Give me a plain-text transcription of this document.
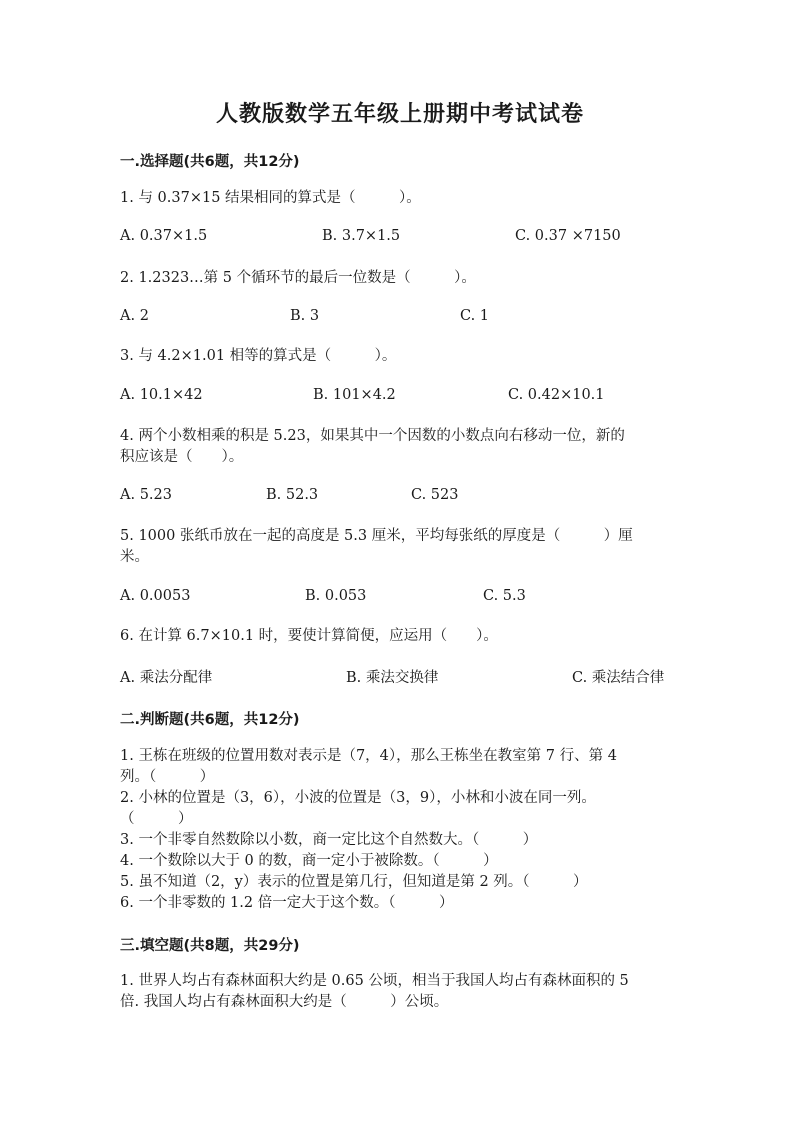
人教版数学五年级上册期中考试试卷
一.选择题(共6题，共12分)
1. 与 0.37×15 结果相同的算式是（　　　）。
A. 0.37×1.5	B. 3.7×1.5	C. 0.37 ×7150
2. 1.2323…第 5 个循环节的最后一位数是（　　　）。
A. 2	B. 3	C. 1
3. 与 4.2×1.01 相等的算式是（　　　）。
A. 10.1×42	B. 101×4.2	C. 0.42×10.1
4. 两个小数相乘的积是 5.23，如果其中一个因数的小数点向右移动一位，新的
积应该是（　　）。
A. 5.23	B. 52.3	C. 523
5. 1000 张纸币放在一起的高度是 5.3 厘米，平均每张纸的厚度是（　　　）厘
米。
A. 0.0053	B. 0.053	C. 5.3
6. 在计算 6.7×10.1 时，要使计算简便，应运用（　　）。
A. 乘法分配律	B. 乘法交换律	C. 乘法结合律
二.判断题(共6题，共12分)
1. 王栋在班级的位置用数对表示是（7，4），那么王栋坐在教室第 7 行、第 4
列。（　　　）
2. 小林的位置是（3，6），小波的位置是（3，9），小林和小波在同一列。
（　　　）
3. 一个非零自然数除以小数，商一定比这个自然数大。（　　　）
4. 一个数除以大于 0 的数，商一定小于被除数。（　　　）
5. 虽不知道（2，y）表示的位置是第几行，但知道是第 2 列。（　　　）
6. 一个非零数的 1.2 倍一定大于这个数。（　　　）
三.填空题(共8题，共29分)
1. 世界人均占有森林面积大约是 0.65 公顷，相当于我国人均占有森林面积的 5
倍. 我国人均占有森林面积大约是（　　　）公顷。
